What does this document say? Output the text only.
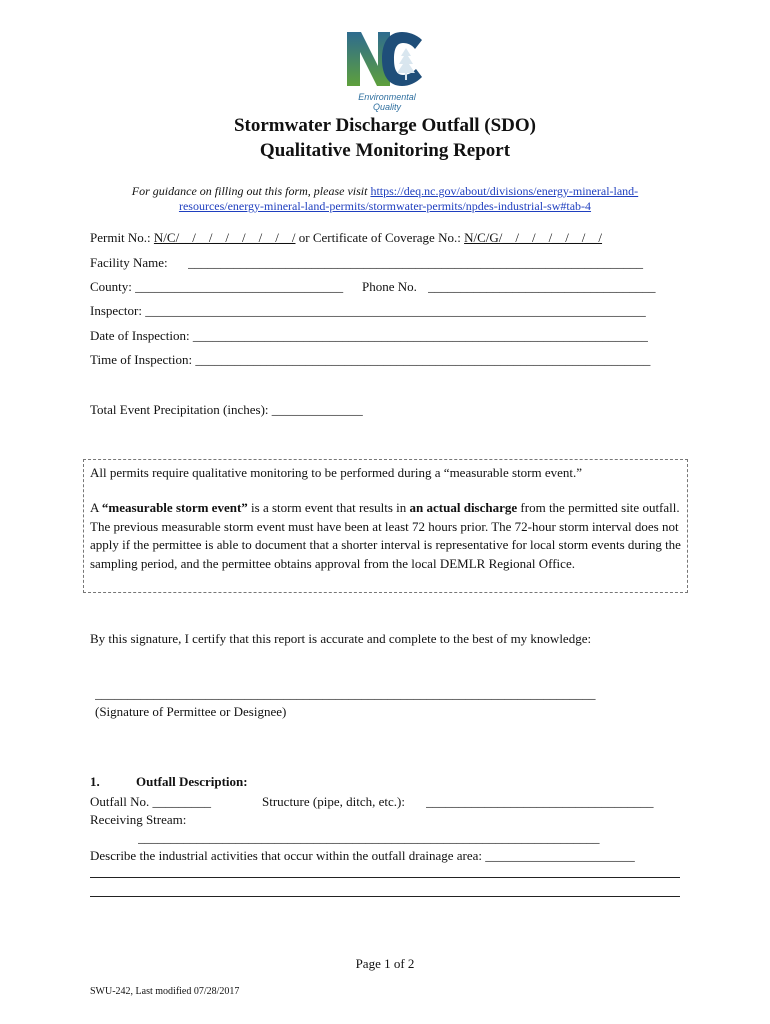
Environmental
Quality
Stormwater Discharge Outfall (SDO)
Qualitative Monitoring Report
For guidance on filling out this form, please visit https://deq.nc.gov/about/divisions/energy-mineral-land-
resources/energy-mineral-land-permits/stormwater-permits/npdes-industrial-sw#tab-4
Permit No.: N/C/__/__/__/__/__/__/__/ or Certificate of Coverage No.: N/C/G/__/__/__/__/__/__/
Facility Name: ______________________________________________________________________
County: ________________________________ Phone No. ___________________________________
Inspector: _____________________________________________________________________________
Date of Inspection: ______________________________________________________________________
Time of Inspection: ______________________________________________________________________
Total Event Precipitation (inches): ______________
All permits require qualitative monitoring to be performed during a “measurable storm event.”
A “measurable storm event” is a storm event that results in an actual discharge from the permitted site outfall. The previous measurable storm event must have been at least 72 hours prior. The 72-hour storm interval does not apply if the permittee is able to document that a shorter interval is representative for local storm events during the sampling period, and the permittee obtains approval from the local DEMLR Regional Office.
By this signature, I certify that this report is accurate and complete to the best of my knowledge:
_____________________________________________________________________________
(Signature of Permittee or Designee)
1.	Outfall Description:
Outfall No. _________	Structure (pipe, ditch, etc.): ___________________________________
Receiving Stream:
_______________________________________________________________________
Describe the industrial activities that occur within the outfall drainage area: _______________________
Page 1 of 2
SWU-242, Last modified 07/28/2017
